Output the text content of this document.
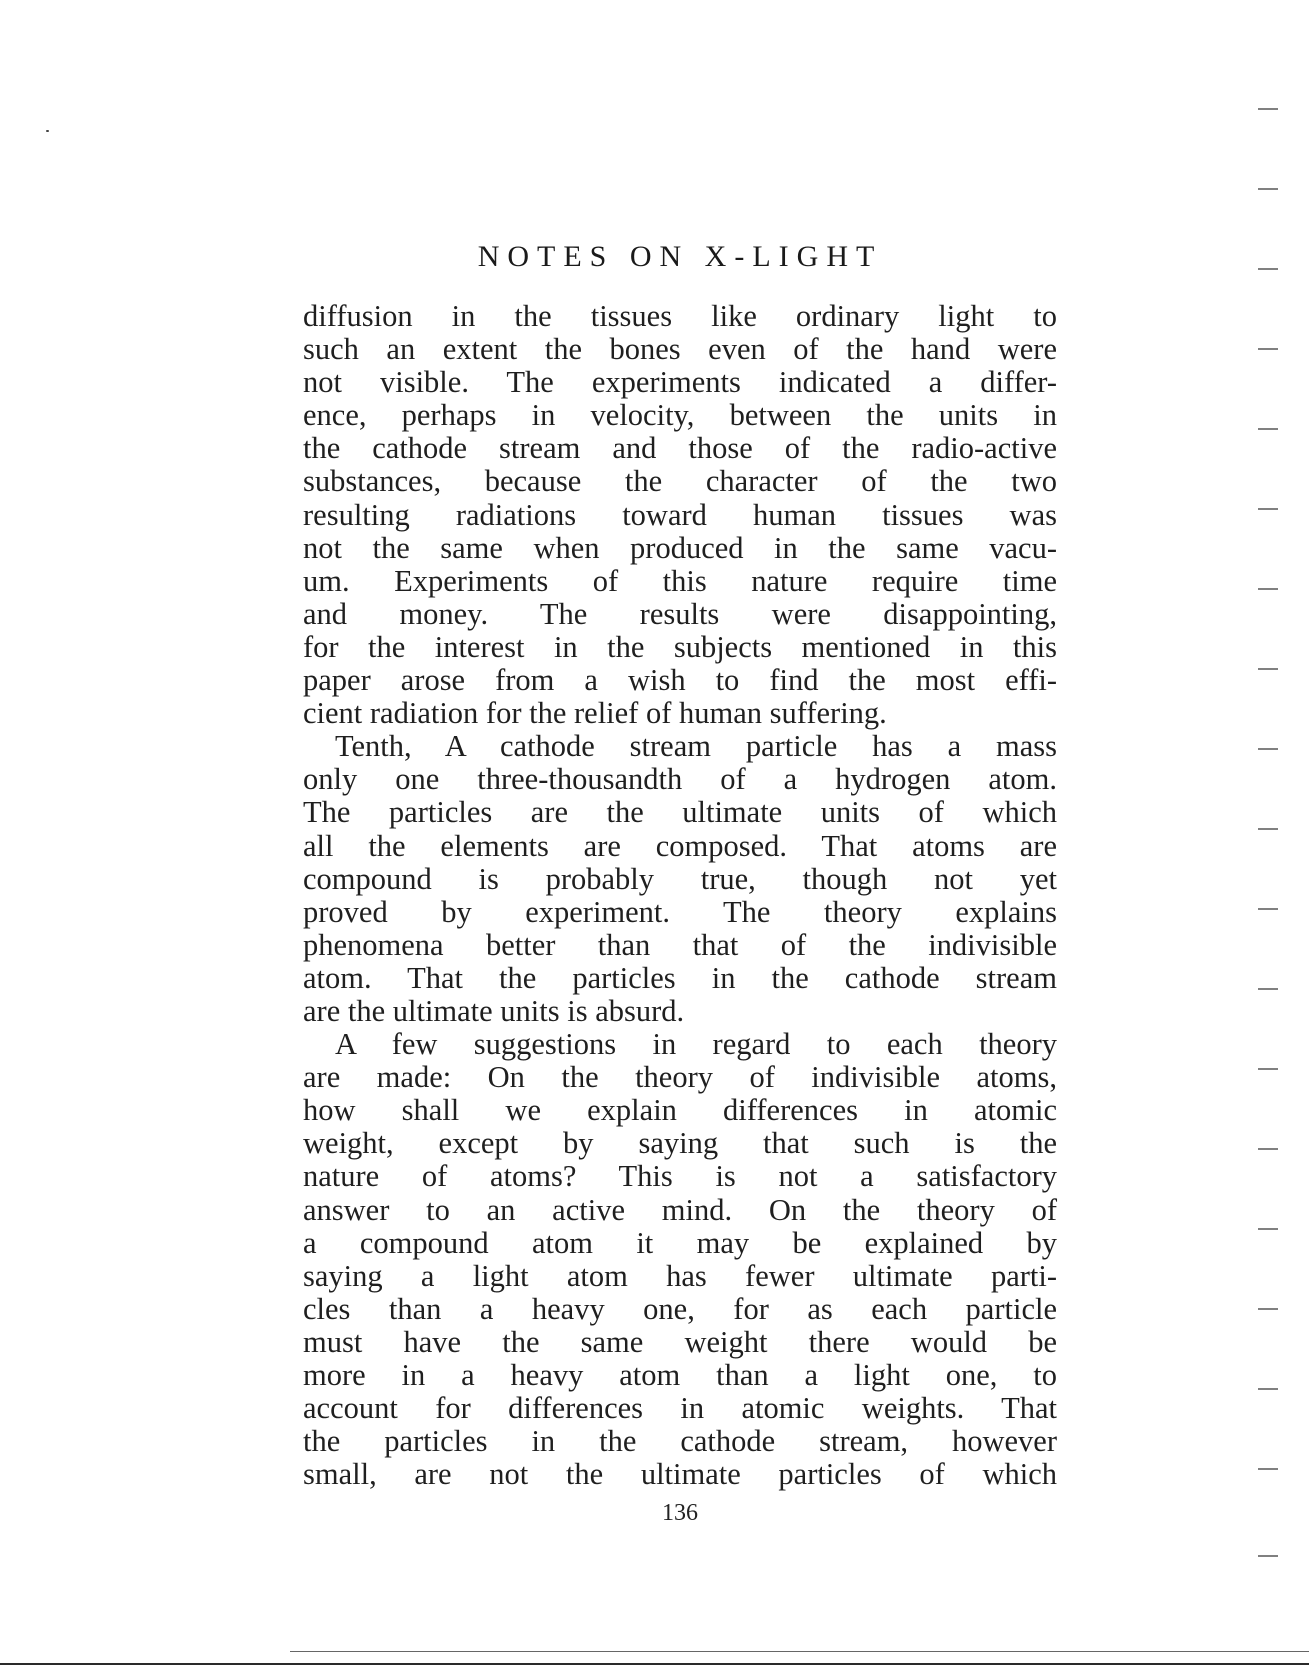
NOTES ON X-LIGHT
diffusion in the tissues like ordinary light to
such an extent the bones even of the hand were
not visible. The experiments indicated a differ-
ence, perhaps in velocity, between the units in
the cathode stream and those of the radio-active
substances, because the character of the two
resulting radiations toward human tissues was
not the same when produced in the same vacu-
um. Experiments of this nature require time
and money. The results were disappointing,
for the interest in the subjects mentioned in this
paper arose from a wish to find the most effi-
cient radiation for the relief of human suffering.
Tenth, A cathode stream particle has a mass
only one three-thousandth of a hydrogen atom.
The particles are the ultimate units of which
all the elements are composed. That atoms are
compound is probably true, though not yet
proved by experiment. The theory explains
phenomena better than that of the indivisible
atom. That the particles in the cathode stream
are the ultimate units is absurd.
A few suggestions in regard to each theory
are made: On the theory of indivisible atoms,
how shall we explain differences in atomic
weight, except by saying that such is the
nature of atoms? This is not a satisfactory
answer to an active mind. On the theory of
a compound atom it may be explained by
saying a light atom has fewer ultimate parti-
cles than a heavy one, for as each particle
must have the same weight there would be
more in a heavy atom than a light one, to
account for differences in atomic weights. That
the particles in the cathode stream, however
small, are not the ultimate particles of which
136
